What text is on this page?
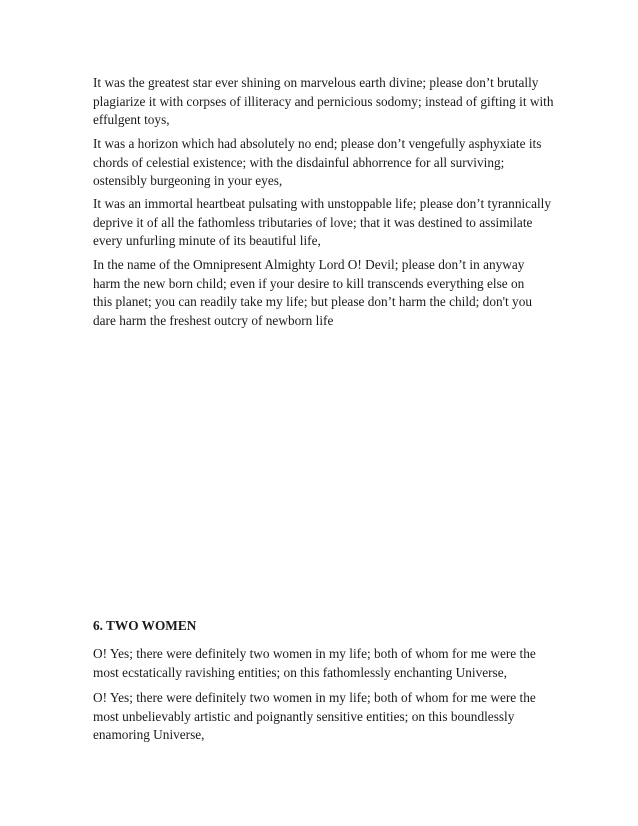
It was the greatest star ever shining on marvelous earth divine; please don’t brutally
plagiarize it with corpses of illiteracy and pernicious sodomy; instead of gifting it with
effulgent toys,
It was a horizon which had absolutely no end; please don’t vengefully asphyxiate its
chords of celestial existence; with the disdainful abhorrence for all surviving;
ostensibly burgeoning in your eyes,
It was an immortal heartbeat pulsating with unstoppable life; please don’t tyrannically
deprive it of all the fathomless tributaries of love; that it was destined to assimilate
every unfurling minute of its beautiful life,
In the name of the Omnipresent Almighty Lord O! Devil; please don’t in anyway
harm the new born child; even if your desire to kill transcends everything else on
this planet; you can readily take my life; but please don’t harm the child; don't you
dare harm the freshest outcry of newborn life
6. TWO WOMEN
O! Yes; there were definitely two women in my life; both of whom for me were the
most ecstatically ravishing entities; on this fathomlessly enchanting Universe,
O! Yes; there were definitely two women in my life; both of whom for me were the
most unbelievably artistic and poignantly sensitive entities; on this boundlessly
enamoring Universe,
